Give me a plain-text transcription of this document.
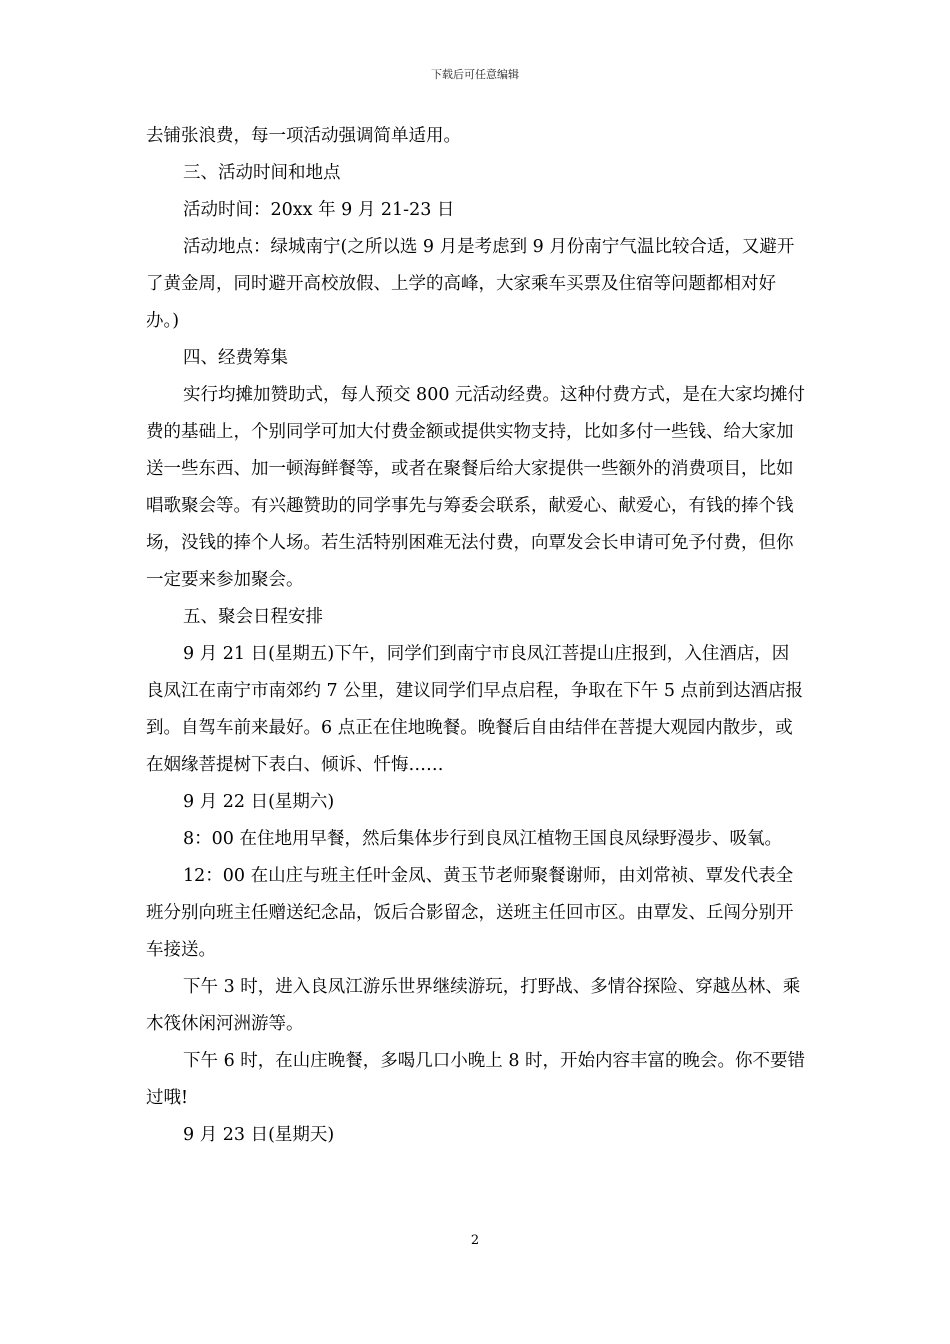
下载后可任意编辑

去铺张浪费，每一项活动强调简单适用。

三、活动时间和地点

活动时间：20xx 年 9 月 21-23 日

活动地点：绿城南宁(之所以选 9 月是考虑到 9 月份南宁气温比较合适，又避开了黄金周，同时避开高校放假、上学的高峰，大家乘车买票及住宿等问题都相对好办。)

四、经费筹集

实行均摊加赞助式，每人预交 800 元活动经费。这种付费方式，是在大家均摊付费的基础上，个别同学可加大付费金额或提供实物支持，比如多付一些钱、给大家加送一些东西、加一顿海鲜餐等，或者在聚餐后给大家提供一些额外的消费项目，比如唱歌聚会等。有兴趣赞助的同学事先与筹委会联系，献爱心、献爱心，有钱的捧个钱场，没钱的捧个人场。若生活特别困难无法付费，向覃发会长申请可免予付费，但你一定要来参加聚会。

五、聚会日程安排

9 月 21 日(星期五)下午，同学们到南宁市良凤江菩提山庄报到，入住酒店，因良凤江在南宁市南郊约 7 公里，建议同学们早点启程，争取在下午 5 点前到达酒店报到。自驾车前来最好。6 点正在住地晚餐。晚餐后自由结伴在菩提大观园内散步，或在姻缘菩提树下表白、倾诉、忏悔……

9 月 22 日(星期六)

8：00 在住地用早餐，然后集体步行到良凤江植物王国良凤绿野漫步、吸氧。

12：00 在山庄与班主任叶金凤、黄玉节老师聚餐谢师，由刘常祯、覃发代表全班分别向班主任赠送纪念品，饭后合影留念，送班主任回市区。由覃发、丘闯分别开车接送。

下午 3 时，进入良凤江游乐世界继续游玩，打野战、多情谷探险、穿越丛林、乘木筏休闲河洲游等。

下午 6 时，在山庄晚餐，多喝几口小晚上 8 时，开始内容丰富的晚会。你不要错过哦!

9 月 23 日(星期天)

2
